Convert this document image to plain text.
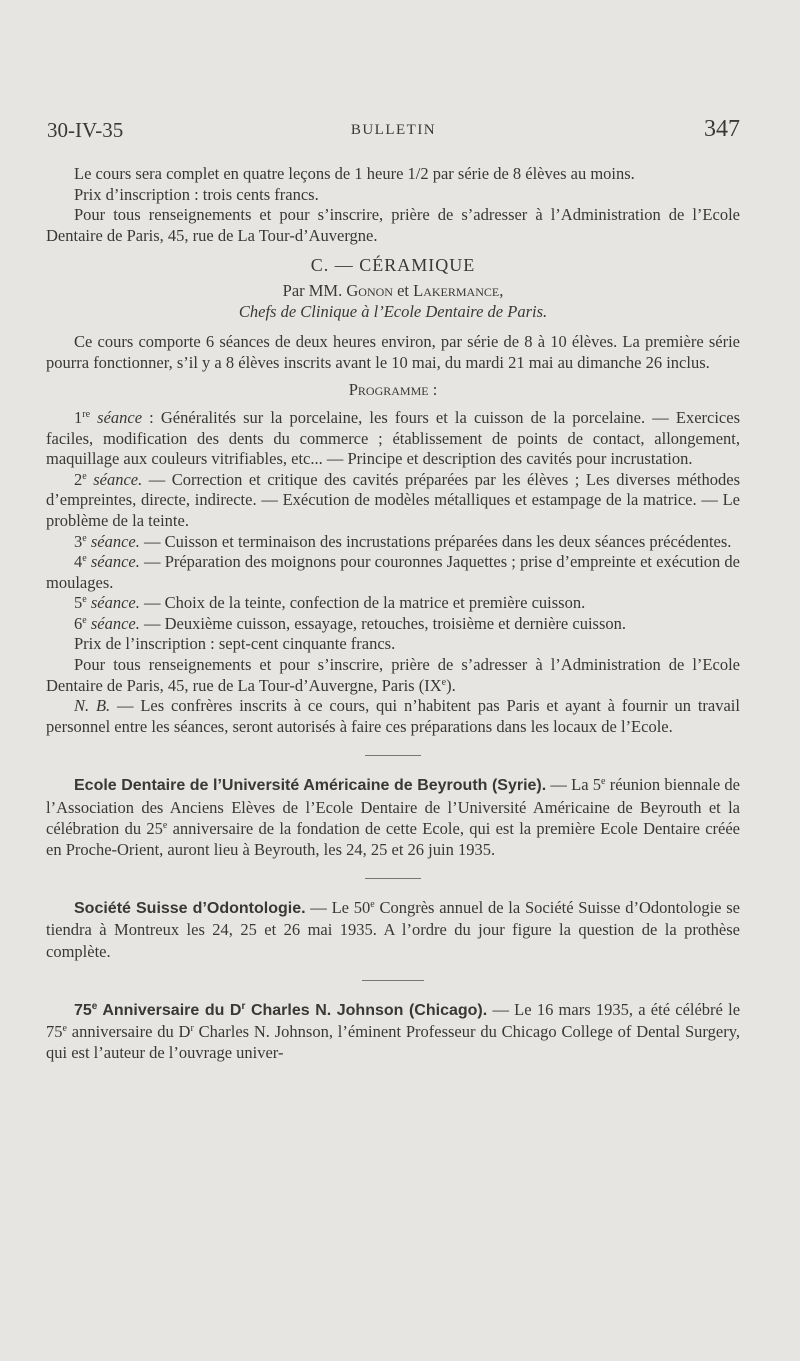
30-IV-35	BULLETIN	347

Le cours sera complet en quatre leçons de 1 heure 1/2 par série de 8 élèves au moins.

Prix d’inscription : trois cents francs.

Pour tous renseignements et pour s’inscrire, prière de s’adresser à l’Administration de l’Ecole Dentaire de Paris, 45, rue de La Tour-d’Auvergne.

C. — CÉRAMIQUE

Par MM. Gonon et Lakermance,

Chefs de Clinique à l’Ecole Dentaire de Paris.

Ce cours comporte 6 séances de deux heures environ, par série de 8 à 10 élèves. La première série pourra fonctionner, s’il y a 8 élèves inscrits avant le 10 mai, du mardi 21 mai au dimanche 26 inclus.

Programme :

1re séance : Généralités sur la porcelaine, les fours et la cuisson de la porcelaine. — Exercices faciles, modification des dents du commerce ; établissement de points de contact, allongement, maquillage aux couleurs vitrifiables, etc... — Principe et description des cavités pour incrustation.

2e séance. — Correction et critique des cavités préparées par les élèves ; Les diverses méthodes d’empreintes, directe, indirecte. — Exécution de modèles métalliques et estampage de la matrice. — Le problème de la teinte.

3e séance. — Cuisson et terminaison des incrustations préparées dans les deux séances précédentes.

4e séance. — Préparation des moignons pour couronnes Jaquettes ; prise d’empreinte et exécution de moulages.

5e séance. — Choix de la teinte, confection de la matrice et première cuisson.

6e séance. — Deuxième cuisson, essayage, retouches, troisième et dernière cuisson.

Prix de l’inscription : sept-cent cinquante francs.

Pour tous renseignements et pour s’inscrire, prière de s’adresser à l’Administration de l’Ecole Dentaire de Paris, 45, rue de La Tour-d’Auvergne, Paris (IXe).

N. B. — Les confrères inscrits à ce cours, qui n’habitent pas Paris et ayant à fournir un travail personnel entre les séances, seront autorisés à faire ces préparations dans les locaux de l’Ecole.

Ecole Dentaire de l’Université Américaine de Beyrouth (Syrie). — La 5e réunion biennale de l’Association des Anciens Elèves de l’Ecole Dentaire de l’Université Américaine de Beyrouth et la célébration du 25e anniversaire de la fondation de cette Ecole, qui est la première Ecole Dentaire créée en Proche-Orient, auront lieu à Beyrouth, les 24, 25 et 26 juin 1935.

Société Suisse d’Odontologie. — Le 50e Congrès annuel de la Société Suisse d’Odontologie se tiendra à Montreux les 24, 25 et 26 mai 1935. A l’ordre du jour figure la question de la prothèse complète.

75e Anniversaire du $D^r$ Charles N. Johnson (Chicago). — Le 16 mars 1935, a été célébré le 75e anniversaire du $D^r$ Charles N. Johnson, l’éminent Professeur du Chicago College of Dental Surgery, qui est l’auteur de l’ouvrage univer-
